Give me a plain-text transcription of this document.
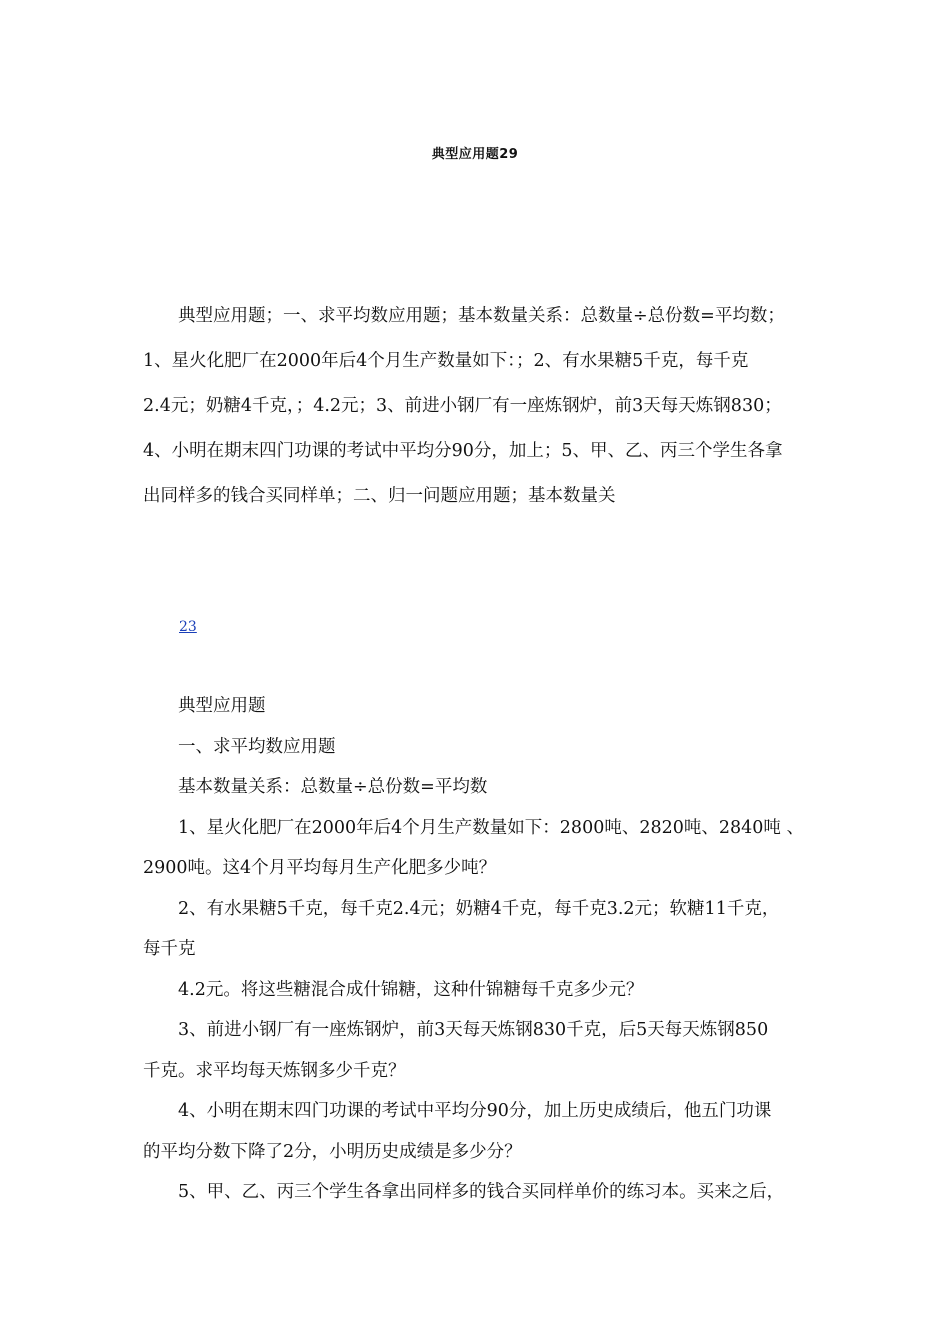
典型应用题29

典型应用题；一、求平均数应用题；基本数量关系：总数量÷总份数=平均数；

1、星火化肥厂在2000年后4个月生产数量如下：；2、有水果糖5千克，每千克

2.4元；奶糖4千克，；4.2元；3、前进小钢厂有一座炼钢炉，前3天每天炼钢830；

4、小明在期末四门功课的考试中平均分90分，加上；5、甲、乙、丙三个学生各拿

出同样多的钱合买同样单；二、归一问题应用题；基本数量关

23

典型应用题

一、求平均数应用题

基本数量关系：总数量÷总份数=平均数

1、星火化肥厂在2000年后4个月生产数量如下：2800吨、2820吨、2840吨 、

2900吨。这4个月平均每月生产化肥多少吨？

2、有水果糖5千克，每千克2.4元；奶糖4千克，每千克3.2元；软糖11千克，

每千克

4.2元。将这些糖混合成什锦糖，这种什锦糖每千克多少元？

3、前进小钢厂有一座炼钢炉，前3天每天炼钢830千克，后5天每天炼钢850

千克。求平均每天炼钢多少千克？

4、小明在期末四门功课的考试中平均分90分，加上历史成绩后，他五门功课

的平均分数下降了2分，小明历史成绩是多少分？

5、甲、乙、丙三个学生各拿出同样多的钱合买同样单价的练习本。买来之后，
